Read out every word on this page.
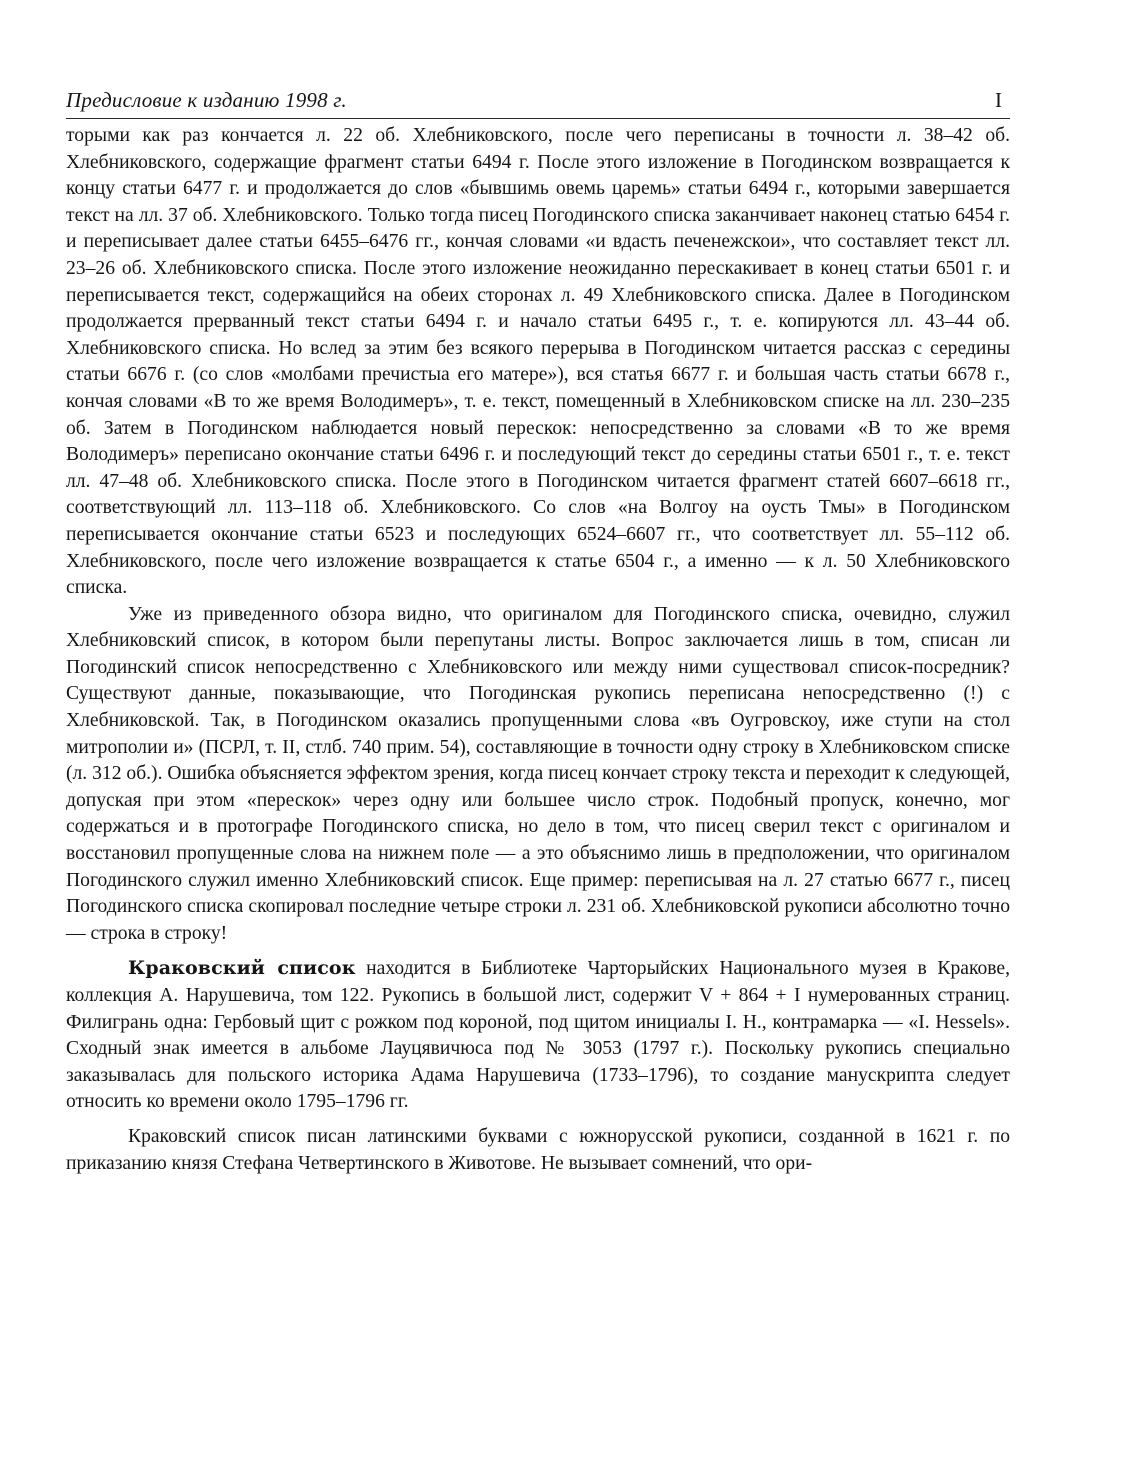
Предисловие к изданию 1998 г.	I

торыми как раз кончается л. 22 об. Хлебниковского, после чего переписаны в точности л. 38–42 об. Хлебниковского, содержащие фрагмент статьи 6494 г. После этого изложение в Погодинском возвращается к концу статьи 6477 г. и продолжается до слов «бывшимь овемь царемь» статьи 6494 г., которыми завершается текст на лл. 37 об. Хлебниковского. Только тогда писец Погодинского списка заканчивает наконец статью 6454 г. и переписывает далее статьи 6455–6476 гг., кончая словами «и вдасть печенежскои», что составляет текст лл. 23–26 об. Хлебниковского списка. После этого изложение неожиданно перескакивает в конец статьи 6501 г. и переписывается текст, содержащийся на обеих сторонах л. 49 Хлебниковского списка. Далее в Погодинском продолжается прерванный текст статьи 6494 г. и начало статьи 6495 г., т. е. копируются лл. 43–44 об. Хлебниковского списка. Но вслед за этим без всякого перерыва в Погодинском читается рассказ с середины статьи 6676 г. (со слов «молбами пречистыа его матере»), вся статья 6677 г. и большая часть статьи 6678 г., кончая словами «В то же время Володимеръ», т. е. текст, помещенный в Хлебниковском списке на лл. 230–235 об. Затем в Погодинском наблюдается новый перескок: непосредственно за словами «В то же время Володимеръ» переписано окончание статьи 6496 г. и последующий текст до середины статьи 6501 г., т. е. текст лл. 47–48 об. Хлебниковского списка. После этого в Погодинском читается фрагмент статей 6607–6618 гг., соответствующий лл. 113–118 об. Хлебниковского. Со слов «на Волгоу на оусть Тмы» в Погодинском переписывается окончание статьи 6523 и последующих 6524–6607 гг., что соответствует лл. 55–112 об. Хлебниковского, после чего изложение возвращается к статье 6504 г., а именно — к л. 50 Хлебниковского списка.

Уже из приведенного обзора видно, что оригиналом для Погодинского списка, очевидно, служил Хлебниковский список, в котором были перепутаны листы. Вопрос заключается лишь в том, списан ли Погодинский список непосредственно с Хлебниковского или между ними существовал список-посредник? Существуют данные, показывающие, что Погодинская рукопись переписана непосредственно (!) с Хлебниковской. Так, в Погодинском оказались пропущенными слова «въ Оугровскоу, иже ступи на стол митрополии и» (ПСРЛ, т. II, стлб. 740 прим. 54), составляющие в точности одну строку в Хлебниковском списке (л. 312 об.). Ошибка объясняется эффектом зрения, когда писец кончает строку текста и переходит к следующей, допуская при этом «перескок» через одну или большее число строк. Подобный пропуск, конечно, мог содержаться и в протографе Погодинского списка, но дело в том, что писец сверил текст с оригиналом и восстановил пропущенные слова на нижнем поле — а это объяснимо лишь в предположении, что оригиналом Погодинского служил именно Хлебниковский список. Еще пример: переписывая на л. 27 статью 6677 г., писец Погодинского списка скопировал последние четыре строки л. 231 об. Хлебниковской рукописи абсолютно точно — строка в строку!

Краковский список находится в Библиотеке Чарторыйских Национального музея в Кракове, коллекция А. Нарушевича, том 122. Рукопись в большой лист, содержит V + 864 + I нумерованных страниц. Филигрань одна: Гербовый щит с рожком под короной, под щитом инициалы I. H., контрамарка — «I. Hessels». Сходный знак имеется в альбоме Лауцявичюса под № 3053 (1797 г.). Поскольку рукопись специально заказывалась для польского историка Адама Нарушевича (1733–1796), то создание манускрипта следует относить ко времени около 1795–1796 гг.

Краковский список писан латинскими буквами с южнорусской рукописи, созданной в 1621 г. по приказанию князя Стефана Четвертинского в Животове. Не вызывает сомнений, что ори-
